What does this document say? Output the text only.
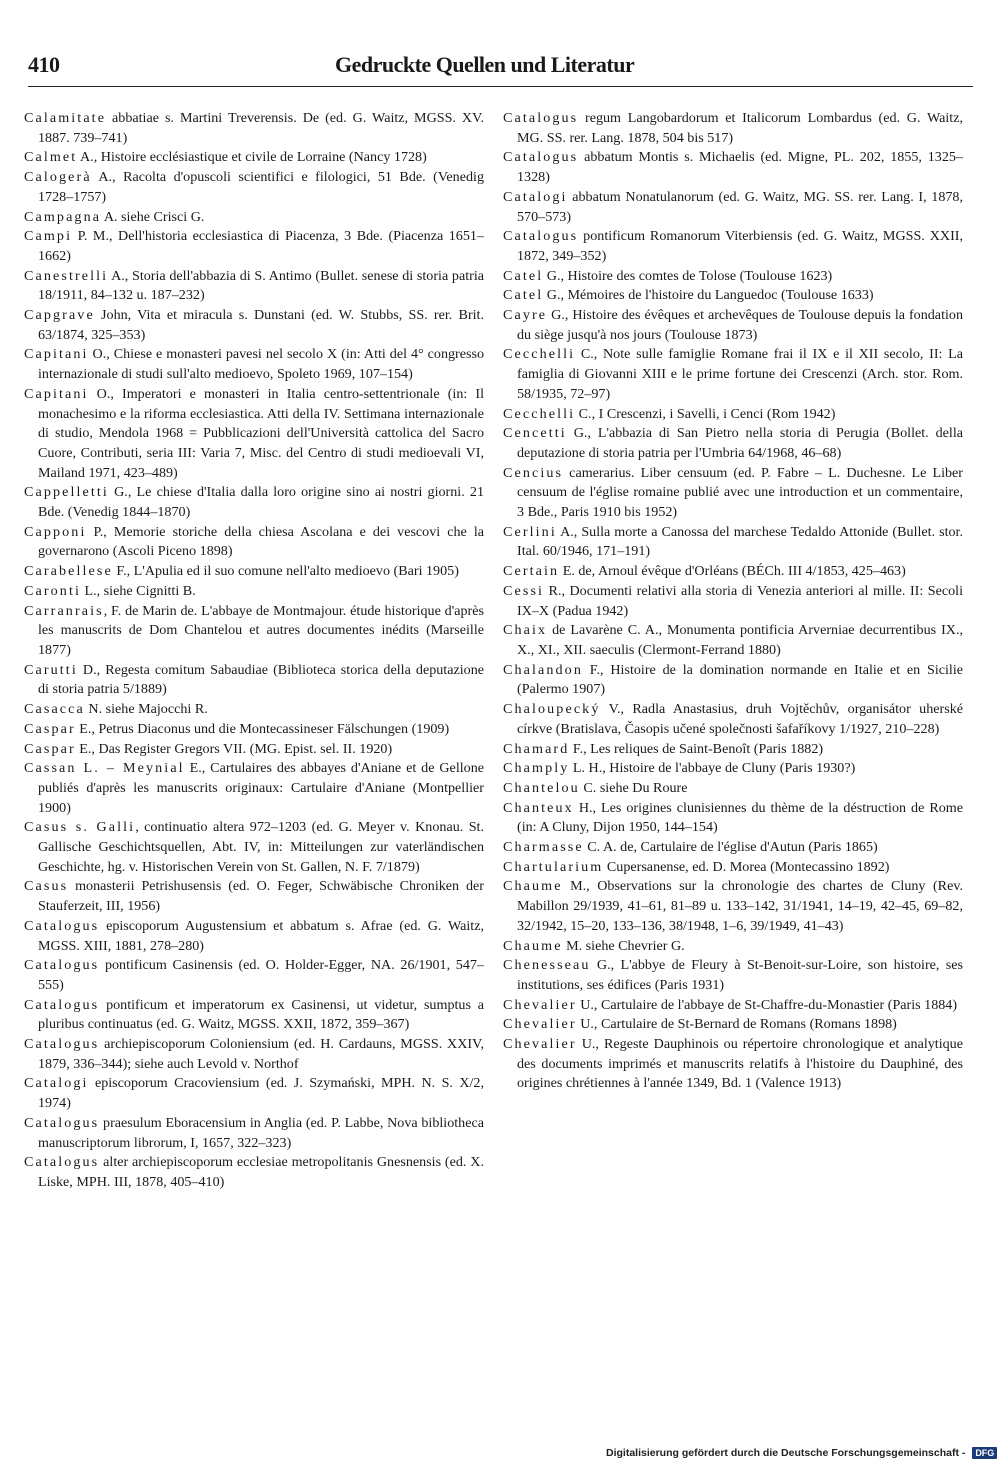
410	Gedruckte Quellen und Literatur

Calamitate abbatiae s. Martini Treverensis. De (ed. G. Waitz, MGSS. XV. 1887. 739–741)

Calmet A., Histoire ecclésiastique et civile de Lorraine (Nancy 1728)

Calogerà A., Racolta d'opuscoli scientifici e filologici, 51 Bde. (Venedig 1728–1757)

Campagna A. siehe Crisci G.

Campi P. M., Dell'historia ecclesiastica di Piacenza, 3 Bde. (Piacenza 1651–1662)

Canestrelli A., Storia dell'abbazia di S. Antimo (Bullet. senese di storia patria 18/1911, 84–132 u. 187–232)

Capgrave John, Vita et miracula s. Dunstani (ed. W. Stubbs, SS. rer. Brit. 63/1874, 325–353)

Capitani O., Chiese e monasteri pavesi nel secolo X (in: Atti del 4° congresso internazionale di studi sull'alto medioevo, Spoleto 1969, 107–154)

Capitani O., Imperatori e monasteri in Italia centro-settentrionale (in: Il monachesimo e la riforma ecclesiastica. Atti della IV. Settimana internazionale di studio, Mendola 1968 = Pubblicazioni dell'Università cattolica del Sacro Cuore, Contributi, seria III: Varia 7, Misc. del Centro di studi medioevali VI, Mailand 1971, 423–489)

Cappelletti G., Le chiese d'Italia dalla loro origine sino ai nostri giorni. 21 Bde. (Venedig 1844–1870)

Capponi P., Memorie storiche della chiesa Ascolana e dei vescovi che la governarono (Ascoli Piceno 1898)

Carabellese F., L'Apulia ed il suo comune nell'alto medioevo (Bari 1905)

Caronti L., siehe Cignitti B.

Carranrais, F. de Marin de. L'abbaye de Montmajour. étude historique d'après les manuscrits de Dom Chantelou et autres documentes inédits (Marseille 1877)

Carutti D., Regesta comitum Sabaudiae (Biblioteca storica della deputazione di storia patria 5/1889)

Casacca N. siehe Majocchi R.

Caspar E., Petrus Diaconus und die Montecassineser Fälschungen (1909)

Caspar E., Das Register Gregors VII. (MG. Epist. sel. II. 1920)

Cassan L. – Meynial E., Cartulaires des abbayes d'Aniane et de Gellone publiés d'après les manuscrits originaux: Cartulaire d'Aniane (Montpellier 1900)

Casus s. Galli, continuatio altera 972–1203 (ed. G. Meyer v. Knonau. St. Gallische Geschichtsquellen, Abt. IV, in: Mitteilungen zur vaterländischen Geschichte, hg. v. Historischen Verein von St. Gallen, N. F. 7/1879)

Casus monasterii Petrishusensis (ed. O. Feger, Schwäbische Chroniken der Stauferzeit, III, 1956)

Catalogus episcoporum Augustensium et abbatum s. Afrae (ed. G. Waitz, MGSS. XIII, 1881, 278–280)

Catalogus pontificum Casinensis (ed. O. Holder-Egger, NA. 26/1901, 547–555)

Catalogus pontificum et imperatorum ex Casinensi, ut videtur, sumptus a pluribus continuatus (ed. G. Waitz, MGSS. XXII, 1872, 359–367)

Catalogus archiepiscoporum Coloniensium (ed. H. Cardauns, MGSS. XXIV, 1879, 336–344); siehe auch Levold v. Northof

Catalogi episcoporum Cracoviensium (ed. J. Szymański, MPH. N. S. X/2, 1974)

Catalogus praesulum Eboracensium in Anglia (ed. P. Labbe, Nova bibliotheca manuscriptorum librorum, I, 1657, 322–323)

Catalogus alter archiepiscoporum ecclesiae metropolitanis Gnesnensis (ed. X. Liske, MPH. III, 1878, 405–410)

Catalogus regum Langobardorum et Italicorum Lombardus (ed. G. Waitz, MG. SS. rer. Lang. 1878, 504 bis 517)

Catalogus abbatum Montis s. Michaelis (ed. Migne, PL. 202, 1855, 1325–1328)

Catalogi abbatum Nonatulanorum (ed. G. Waitz, MG. SS. rer. Lang. I, 1878, 570–573)

Catalogus pontificum Romanorum Viterbiensis (ed. G. Waitz, MGSS. XXII, 1872, 349–352)

Catel G., Histoire des comtes de Tolose (Toulouse 1623)

Catel G., Mémoires de l'histoire du Languedoc (Toulouse 1633)

Cayre G., Histoire des évêques et archevêques de Toulouse depuis la fondation du siège jusqu'à nos jours (Toulouse 1873)

Cecchelli C., Note sulle famiglie Romane frai il IX e il XII secolo, II: La famiglia di Giovanni XIII e le prime fortune dei Crescenzi (Arch. stor. Rom. 58/1935, 72–97)

Cecchelli C., I Crescenzi, i Savelli, i Cenci (Rom 1942)

Cencetti G., L'abbazia di San Pietro nella storia di Perugia (Bollet. della deputazione di storia patria per l'Umbria 64/1968, 46–68)

Cencius camerarius. Liber censuum (ed. P. Fabre – L. Duchesne. Le Liber censuum de l'église romaine publié avec une introduction et un commentaire, 3 Bde., Paris 1910 bis 1952)

Cerlini A., Sulla morte a Canossa del marchese Tedaldo Attonide (Bullet. stor. Ital. 60/1946, 171–191)

Certain E. de, Arnoul évêque d'Orléans (BÉCh. III 4/1853, 425–463)

Cessi R., Documenti relativi alla storia di Venezia anteriori al mille. II: Secoli IX–X (Padua 1942)

Chaix de Lavarène C. A., Monumenta pontificia Arverniae decurrentibus IX., X., XI., XII. saeculis (Clermont-Ferrand 1880)

Chalandon F., Histoire de la domination normande en Italie et en Sicilie (Palermo 1907)

Chaloupecký V., Radla Anastasius, druh Vojtěchův, organisátor uherské církve (Bratislava, Časopis učené společnosti šafaříkovy 1/1927, 210–228)

Chamard F., Les reliques de Saint-Benoît (Paris 1882)

Champly L. H., Histoire de l'abbaye de Cluny (Paris 1930?)

Chantelou C. siehe Du Roure

Chanteux H., Les origines clunisiennes du thème de la déstruction de Rome (in: A Cluny, Dijon 1950, 144–154)

Charmasse C. A. de, Cartulaire de l'église d'Autun (Paris 1865)

Chartularium Cupersanense, ed. D. Morea (Montecassino 1892)

Chaume M., Observations sur la chronologie des chartes de Cluny (Rev. Mabillon 29/1939, 41–61, 81–89 u. 133–142, 31/1941, 14–19, 42–45, 69–82, 32/1942, 15–20, 133–136, 38/1948, 1–6, 39/1949, 41–43)

Chaume M. siehe Chevrier G.

Chenesseau G., L'abbye de Fleury à St-Benoit-sur-Loire, son histoire, ses institutions, ses édifices (Paris 1931)

Chevalier U., Cartulaire de l'abbaye de St-Chaffre-du-Monastier (Paris 1884)

Chevalier U., Cartulaire de St-Bernard de Romans (Romans 1898)

Chevalier U., Regeste Dauphinois ou répertoire chronologique et analytique des documents imprimés et manuscrits relatifs à l'histoire du Dauphiné, des origines chrétiennes à l'année 1349, Bd. 1 (Valence 1913)

Digitalisierung gefördert durch die Deutsche Forschungsgemeinschaft - DFG
